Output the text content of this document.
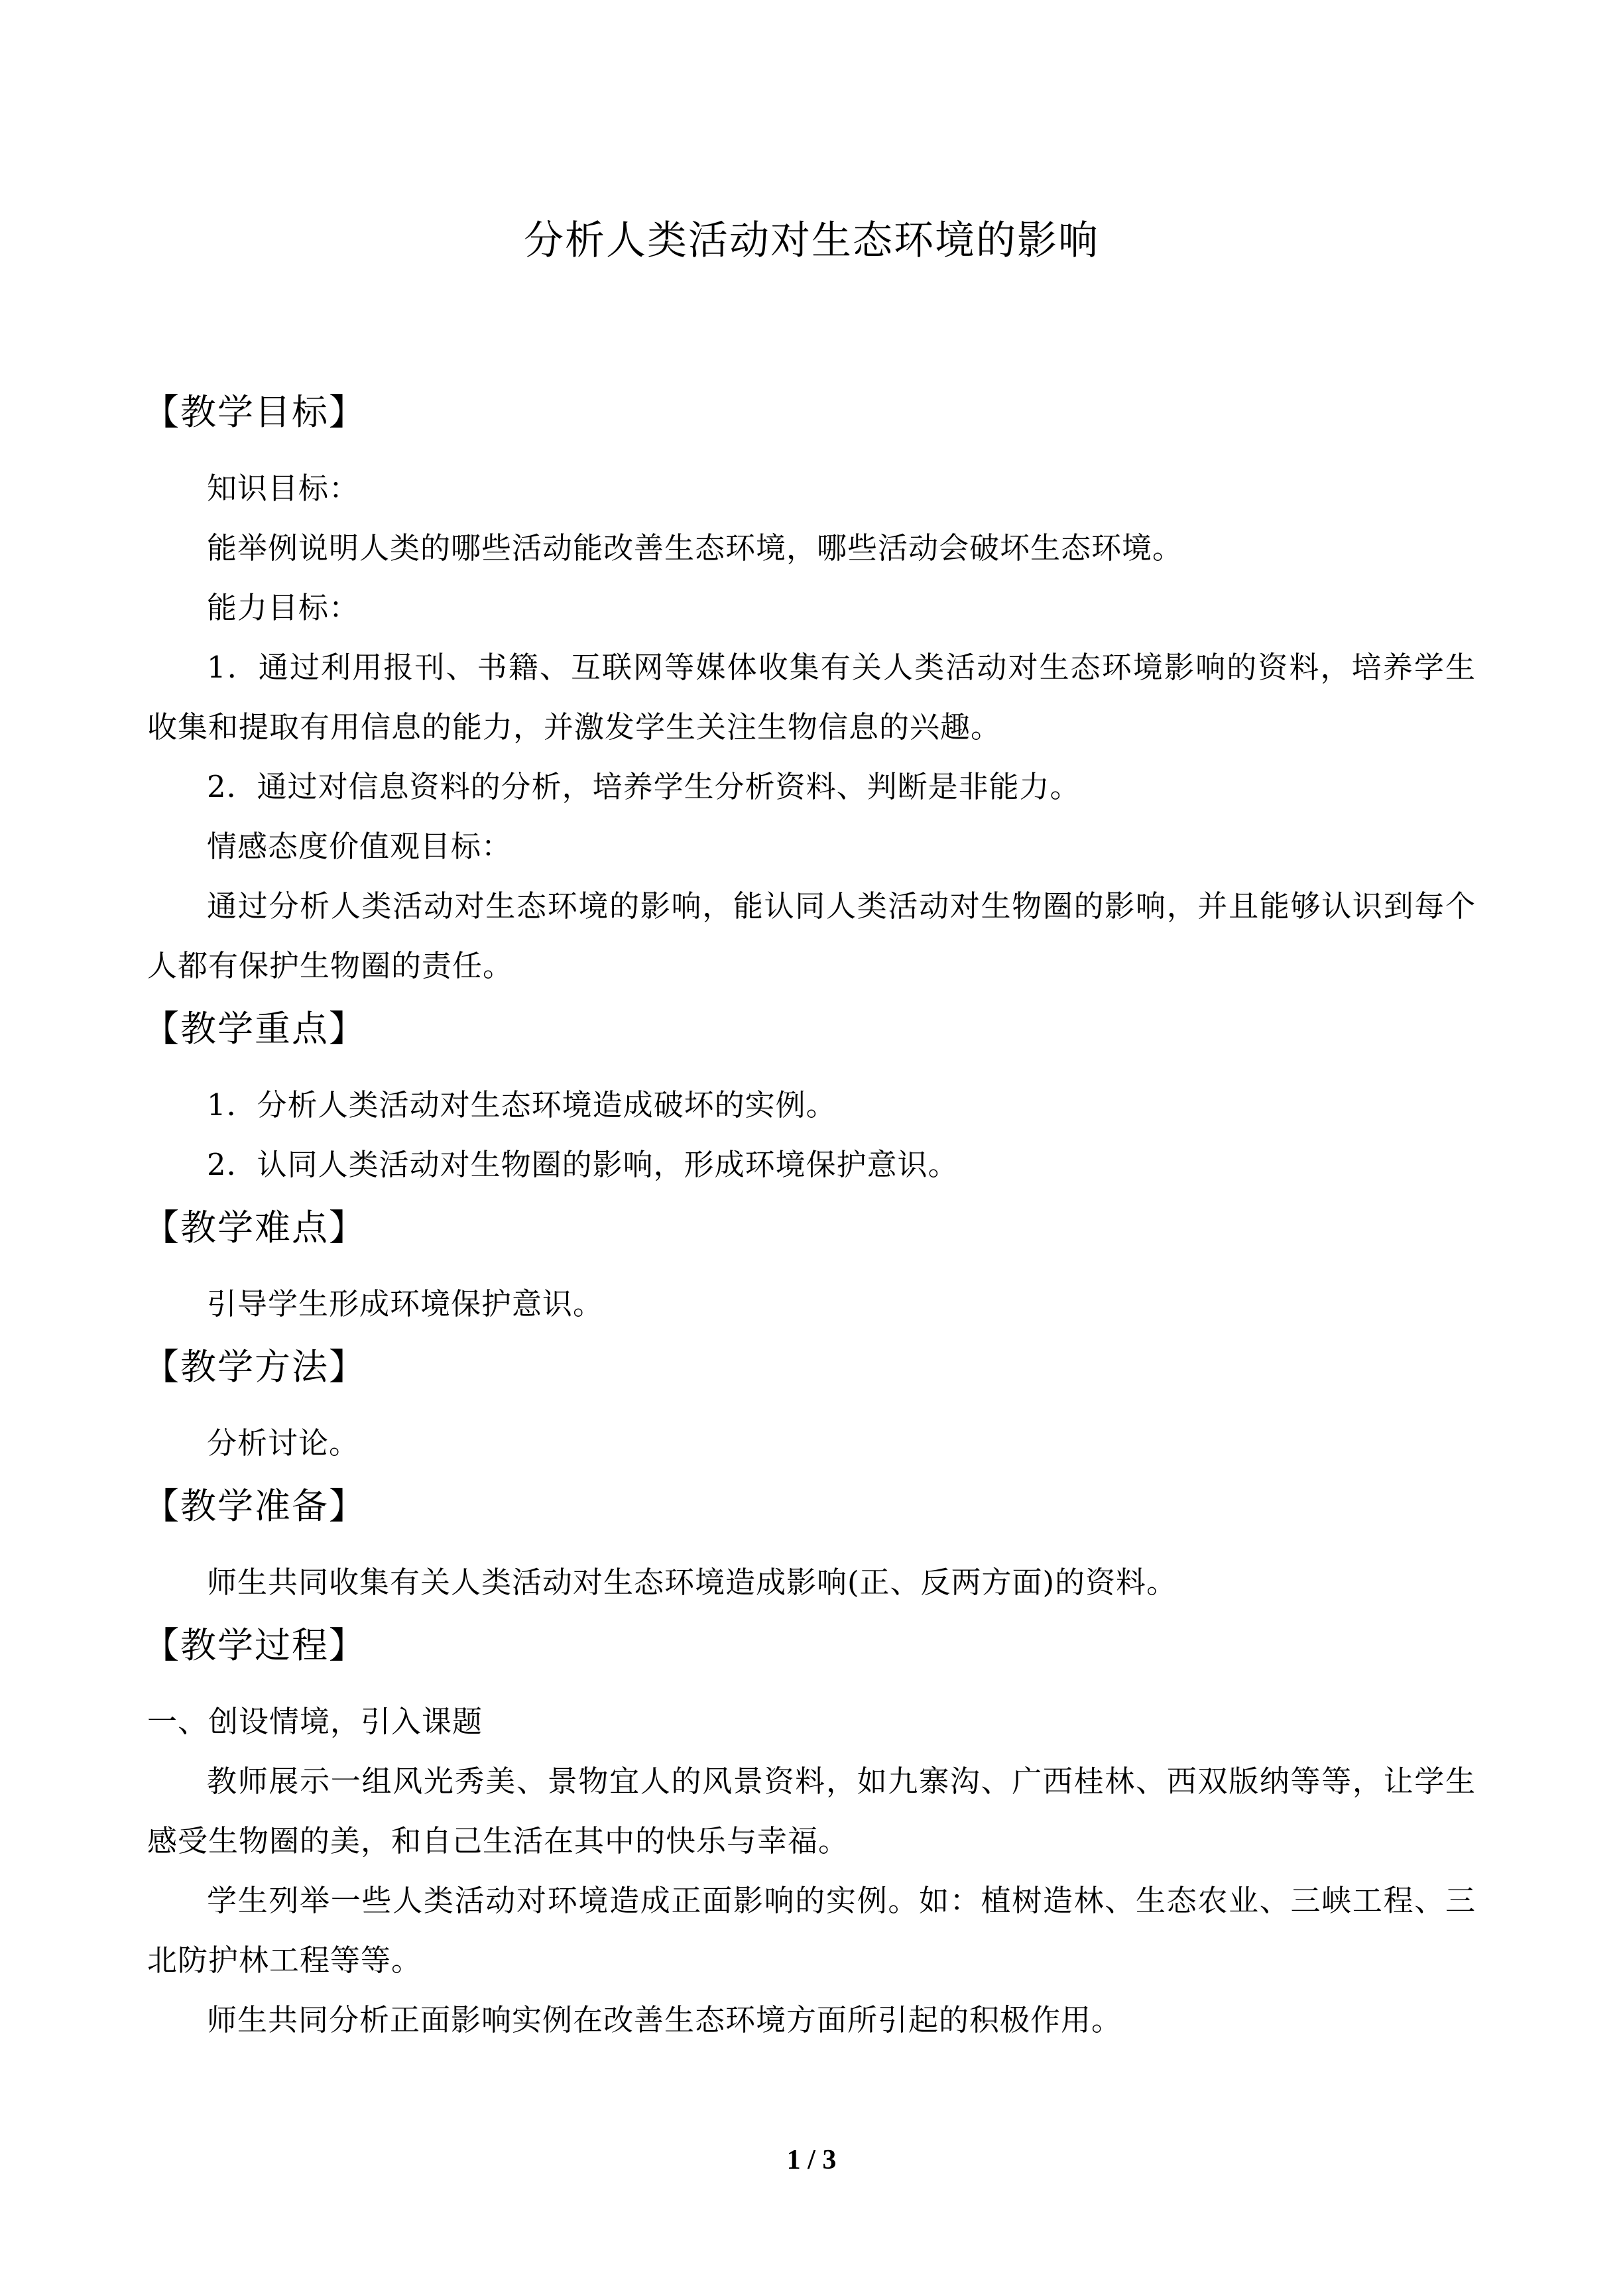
分析人类活动对生态环境的影响
【教学目标】

知识目标：

能举例说明人类的哪些活动能改善生态环境，哪些活动会破坏生态环境。

能力目标：

1．通过利用报刊、书籍、互联网等媒体收集有关人类活动对生态环境影响的资料，培养学生收集和提取有用信息的能力，并激发学生关注生物信息的兴趣。

2．通过对信息资料的分析，培养学生分析资料、判断是非能力。

情感态度价值观目标：

通过分析人类活动对生态环境的影响，能认同人类活动对生物圈的影响，并且能够认识到每个人都有保护生物圈的责任。

【教学重点】

1．分析人类活动对生态环境造成破坏的实例。

2．认同人类活动对生物圈的影响，形成环境保护意识。

【教学难点】

引导学生形成环境保护意识。

【教学方法】

分析讨论。

【教学准备】

师生共同收集有关人类活动对生态环境造成影响(正、反两方面)的资料。

【教学过程】

一、创设情境，引入课题

教师展示一组风光秀美、景物宜人的风景资料，如九寨沟、广西桂林、西双版纳等等，让学生感受生物圈的美，和自己生活在其中的快乐与幸福。

学生列举一些人类活动对环境造成正面影响的实例。如：植树造林、生态农业、三峡工程、三北防护林工程等等。

师生共同分析正面影响实例在改善生态环境方面所引起的积极作用。

1 / 3
